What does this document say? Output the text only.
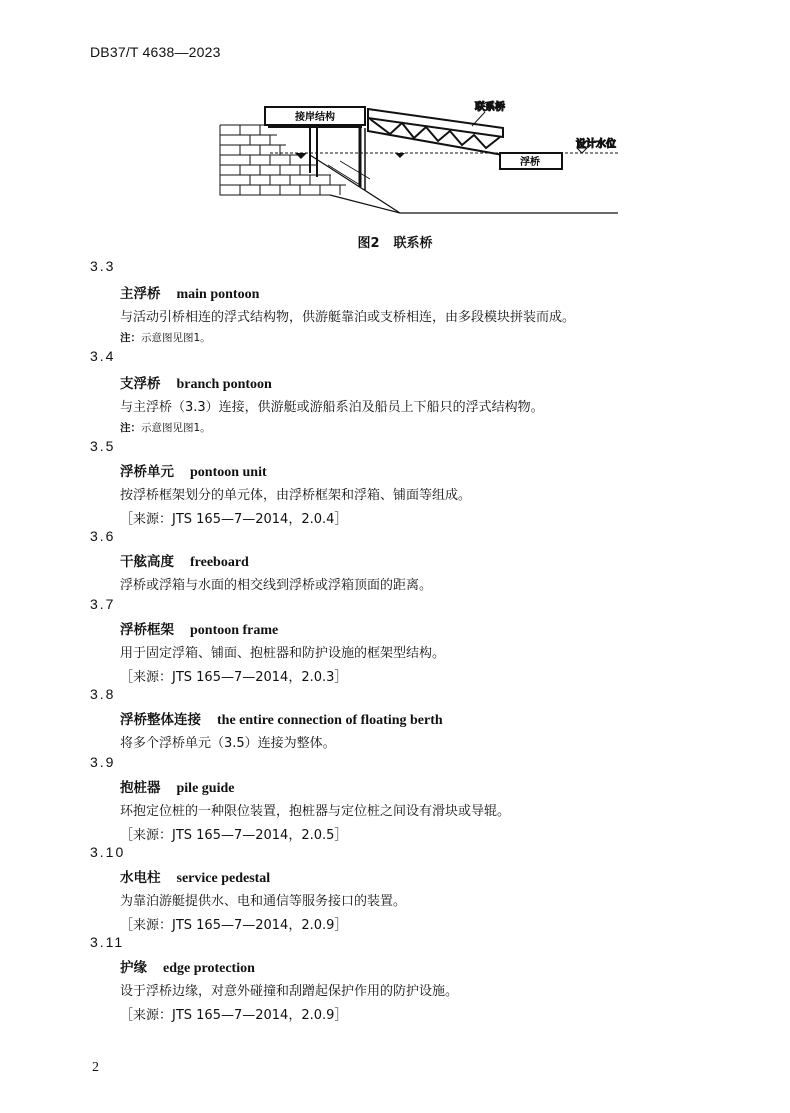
DB37/T 4638—2023
接岸结构
联系桥
浮桥
设计水位
图2 联系桥
3.3
主浮桥 main pontoon
与活动引桥相连的浮式结构物，供游艇靠泊或支桥相连，由多段模块拼装而成。
注：示意图见图1。
3.4
支浮桥 branch pontoon
与主浮桥（3.3）连接，供游艇或游船系泊及船员上下船只的浮式结构物。
注：示意图见图1。
3.5
浮桥单元 pontoon unit
按浮桥框架划分的单元体，由浮桥框架和浮箱、铺面等组成。
［来源：JTS 165—7—2014，2.0.4］
3.6
干舷高度 freeboard
浮桥或浮箱与水面的相交线到浮桥或浮箱顶面的距离。
3.7
浮桥框架 pontoon frame
用于固定浮箱、铺面、抱桩器和防护设施的框架型结构。
［来源：JTS 165—7—2014，2.0.3］
3.8
浮桥整体连接 the entire connection of floating berth
将多个浮桥单元（3.5）连接为整体。
3.9
抱桩器 pile guide
环抱定位桩的一种限位装置，抱桩器与定位桩之间设有滑块或导辊。
［来源：JTS 165—7—2014，2.0.5］
3.10
水电柱 service pedestal
为靠泊游艇提供水、电和通信等服务接口的装置。
［来源：JTS 165—7—2014，2.0.9］
3.11
护缘 edge protection
设于浮桥边缘，对意外碰撞和刮蹭起保护作用的防护设施。
［来源：JTS 165—7—2014，2.0.9］
2
